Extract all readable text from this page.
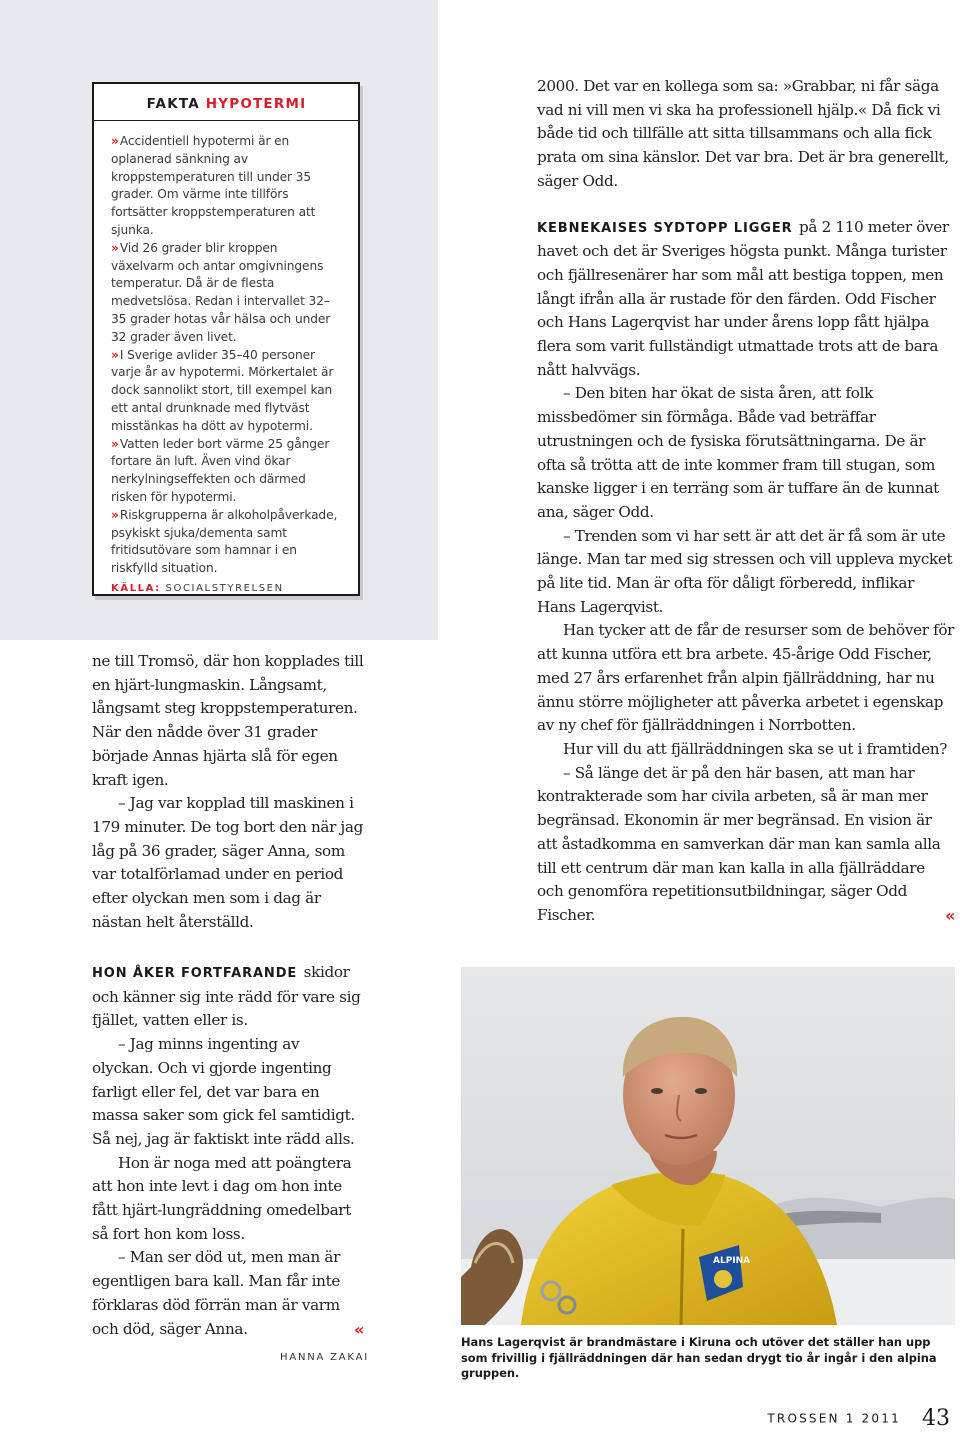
FAKTA HYPOTERMI

» Accidentiell hypotermi är en oplanerad sänkning av kroppstemperaturen till under 35 grader. Om värme inte tillförs fortsätter kroppstemperaturen att sjunka.

» Vid 26 grader blir kroppen växelvarm och antar omgivningens temperatur. Då är de flesta medvetslösa. Redan i intervallet 32–35 grader hotas vår hälsa och under 32 grader även livet.

» I Sverige avlider 35–40 personer varje år av hypotermi. Mörkertalet är dock sannolikt stort, till exempel kan ett antal drunknade med flytväst misstänkas ha dött av hypotermi.

» Vatten leder bort värme 25 gånger fortare än luft. Även vind ökar nerkylningseffekten och därmed risken för hypotermi.

» Riskgrupperna är alkoholpåverkade, psykiskt sjuka/dementa samt fritidsutövare som hamnar i en riskfylld situation.

KÄLLA: SOCIALSTYRELSEN

ne till Tromsö, där hon kopplades till en hjärt-lungmaskin. Långsamt, långsamt steg kroppstemperaturen. När den nådde över 31 grader började Annas hjärta slå för egen kraft igen.

– Jag var kopplad till maskinen i 179 minuter. De tog bort den när jag låg på 36 grader, säger Anna, som var totalförlamad under en period efter olyckan men som i dag är nästan helt återställd.

HON ÅKER FORTFARANDE skidor och känner sig inte rädd för vare sig fjället, vatten eller is.

– Jag minns ingenting av olyckan. Och vi gjorde ingenting farligt eller fel, det var bara en massa saker som gick fel samtidigt. Så nej, jag är faktiskt inte rädd alls.

Hon är noga med att poängtera att hon inte levt i dag om hon inte fått hjärt-lungräddning omedelbart så fort hon kom loss.

– Man ser död ut, men man är egentligen bara kall. Man får inte förklaras död förrän man är varm och död, säger Anna.	«

HANNA ZAKAI

2000. Det var en kollega som sa: »Grabbar, ni får säga vad ni vill men vi ska ha professionell hjälp.« Då fick vi både tid och tillfälle att sitta tillsammans och alla fick prata om sina känslor. Det var bra. Det är bra generellt, säger Odd.

KEBNEKAISES SYDTOPP LIGGER på 2 110 meter över havet och det är Sveriges högsta punkt. Många turister och fjällresenärer har som mål att bestiga toppen, men långt ifrån alla är rustade för den färden. Odd Fischer och Hans Lagerqvist har under årens lopp fått hjälpa flera som varit fullständigt utmattade trots att de bara nått halvvägs.

– Den biten har ökat de sista åren, att folk missbedömer sin förmåga. Både vad beträffar utrustningen och de fysiska förutsättningarna. De är ofta så trötta att de inte kommer fram till stugan, som kanske ligger i en terräng som är tuffare än de kunnat ana, säger Odd.

– Trenden som vi har sett är att det är få som är ute länge. Man tar med sig stressen och vill uppleva mycket på lite tid. Man är ofta för dåligt förberedd, inflikar Hans Lagerqvist.

Han tycker att de får de resurser som de behöver för att kunna utföra ett bra arbete. 45-årige Odd Fischer, med 27 års erfarenhet från alpin fjällräddning, har nu ännu större möjligheter att påverka arbetet i egenskap av ny chef för fjällräddningen i Norrbotten.

Hur vill du att fjällräddningen ska se ut i framtiden?

– Så länge det är på den här basen, att man har kontrakterade som har civila arbeten, så är man mer begränsad. Ekonomin är mer begränsad. En vision är att åstadkomma en samverkan där man kan samla alla till ett centrum där man kan kalla in alla fjällräddare och genomföra repetitionsutbildningar, säger Odd Fischer.	«

ALPINA
Hans Lagerqvist är brandmästare i Kiruna och utöver det ställer han upp som frivillig i fjällräddningen där han sedan drygt tio år ingår i den alpina gruppen.
TROSSEN 1 2011 43
